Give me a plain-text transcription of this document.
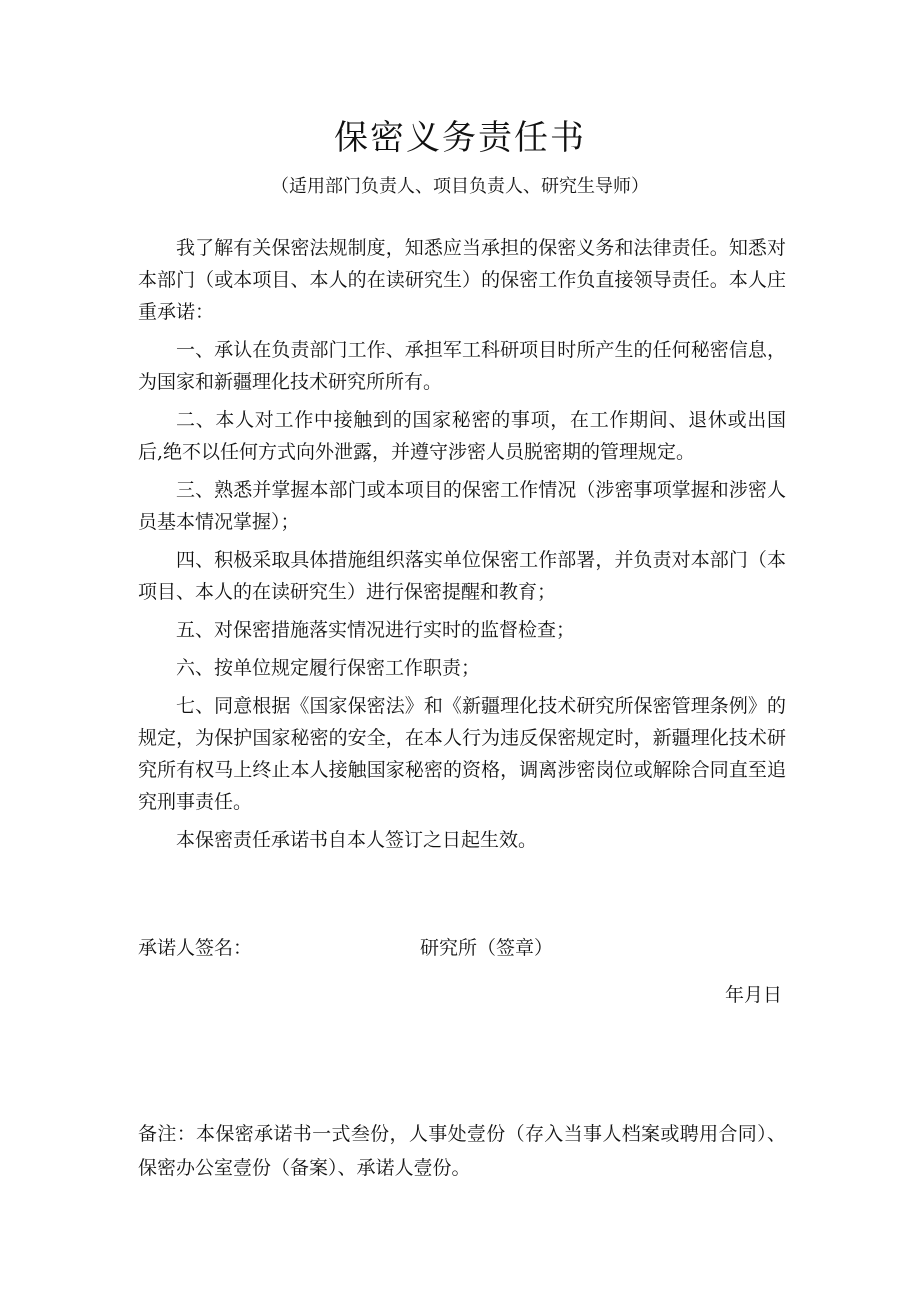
保密义务责任书
（适用部门负责人、项目负责人、研究生导师）

我了解有关保密法规制度，知悉应当承担的保密义务和法律责任。知悉对本部门（或本项目、本人的在读研究生）的保密工作负直接领导责任。本人庄重承诺：

一、承认在负责部门工作、承担军工科研项目时所产生的任何秘密信息，为国家和新疆理化技术研究所所有。

二、本人对工作中接触到的国家秘密的事项，在工作期间、退休或出国后,绝不以任何方式向外泄露，并遵守涉密人员脱密期的管理规定。

三、熟悉并掌握本部门或本项目的保密工作情况（涉密事项掌握和涉密人员基本情况掌握）；

四、积极采取具体措施组织落实单位保密工作部署，并负责对本部门（本项目、本人的在读研究生）进行保密提醒和教育；

五、对保密措施落实情况进行实时的监督检查；

六、按单位规定履行保密工作职责；

七、同意根据《国家保密法》和《新疆理化技术研究所保密管理条例》的规定，为保护国家秘密的安全，在本人行为违反保密规定时，新疆理化技术研究所有权马上终止本人接触国家秘密的资格，调离涉密岗位或解除合同直至追究刑事责任。

本保密责任承诺书自本人签订之日起生效。

承诺人签名：	研究所（签章）
年月日
备注：本保密承诺书一式叁份，人事处壹份（存入当事人档案或聘用合同）、保密办公室壹份（备案）、承诺人壹份。
